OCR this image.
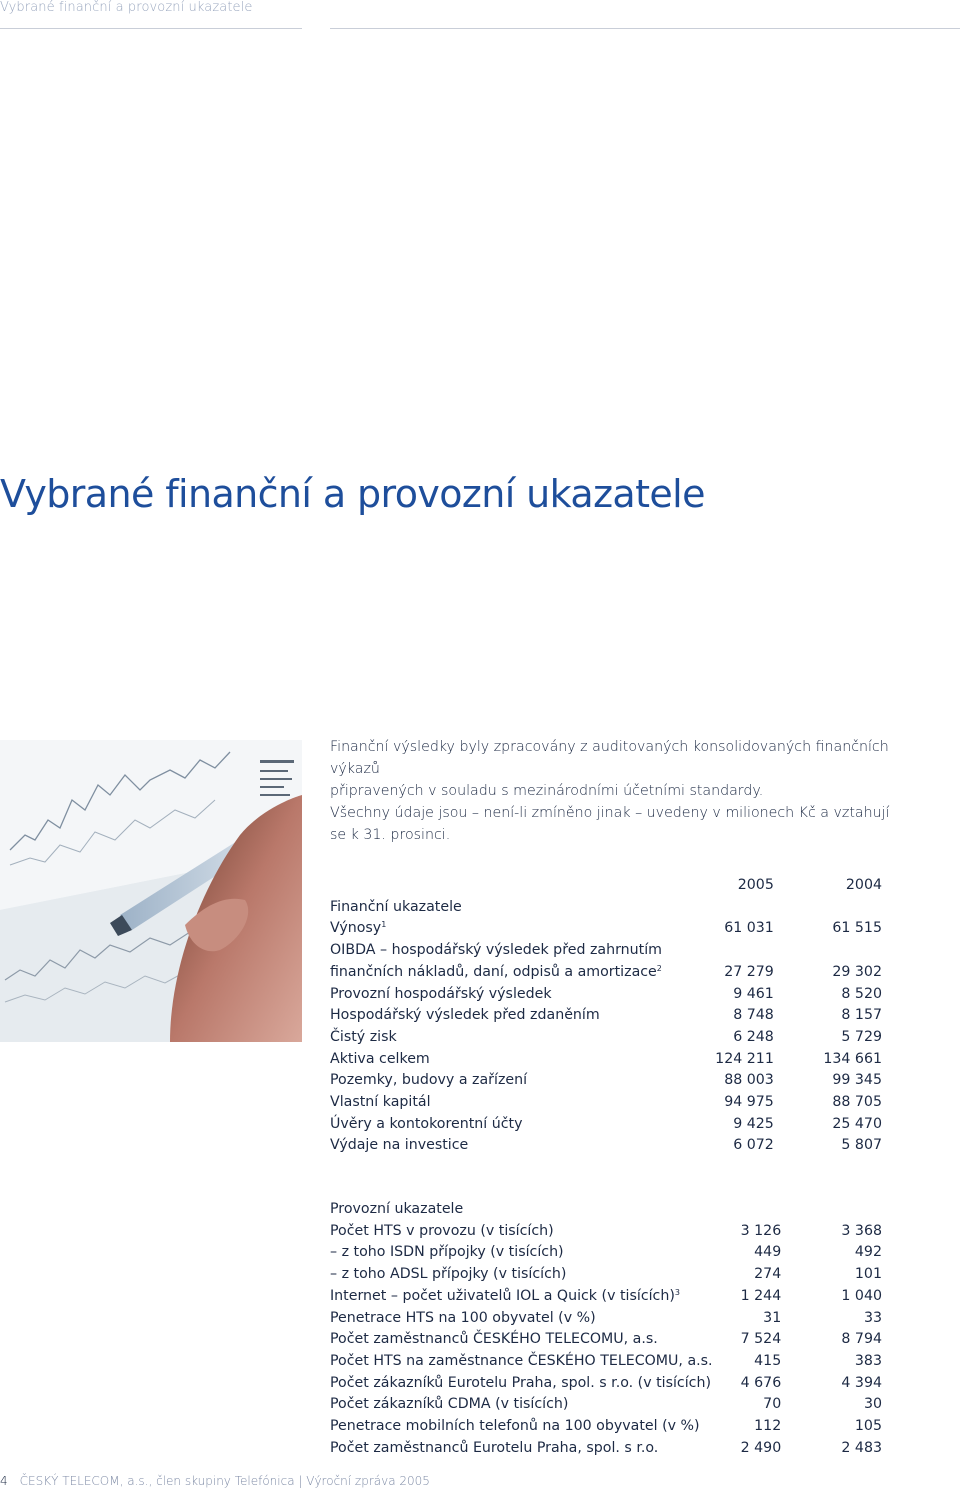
Vybrané finanční a provozní ukazatele
Vybrané finanční a provozní ukazatele
Finanční výsledky byly zpracovány z auditovaných konsolidovaných finančních výkazů
připravených v souladu s mezinárodními účetními standardy.
Všechny údaje jsou – není-li zmíněno jinak – uvedeny v milionech Kč a vztahují
se k 31. prosinci.
	2005	2004
Finanční ukazatele		
Výnosy$^1$	61 031	61 515
OIBDA – hospodářský výsledek před zahrnutím		
finančních nákladů, daní, odpisů a amortizace$^2$	27 279	29 302
Provozní hospodářský výsledek	9 461	8 520
Hospodářský výsledek před zdaněním	8 748	8 157
Čistý zisk	6 248	5 729
Aktiva celkem	124 211	134 661
Pozemky, budovy a zařízení	88 003	99 345
Vlastní kapitál	94 975	88 705
Úvěry a kontokorentní účty	9 425	25 470
Výdaje na investice	6 072	5 807
Provozní ukazatele		
Počet HTS v provozu (v tisících)	3 126	3 368
– z toho ISDN přípojky (v tisících)	449	492
– z toho ADSL přípojky (v tisících)	274	101
Internet – počet uživatelů IOL a Quick (v tisících)$^3$	1 244	1 040
Penetrace HTS na 100 obyvatel (v %)	31	33
Počet zaměstnanců ČESKÉHO TELECOMU, a.s.	7 524	8 794
Počet HTS na zaměstnance ČESKÉHO TELECOMU, a.s.	415	383
Počet zákazníků Eurotelu Praha, spol. s r.o. (v tisících)	4 676	4 394
Počet zákazníků CDMA (v tisících)	70	30
Penetrace mobilních telefonů na 100 obyvatel (v %)	112	105
Počet zaměstnanců Eurotelu Praha, spol. s r.o.	2 490	2 483
4 ČESKÝ TELECOM, a.s., člen skupiny Telefónica | Výroční zpráva 2005
